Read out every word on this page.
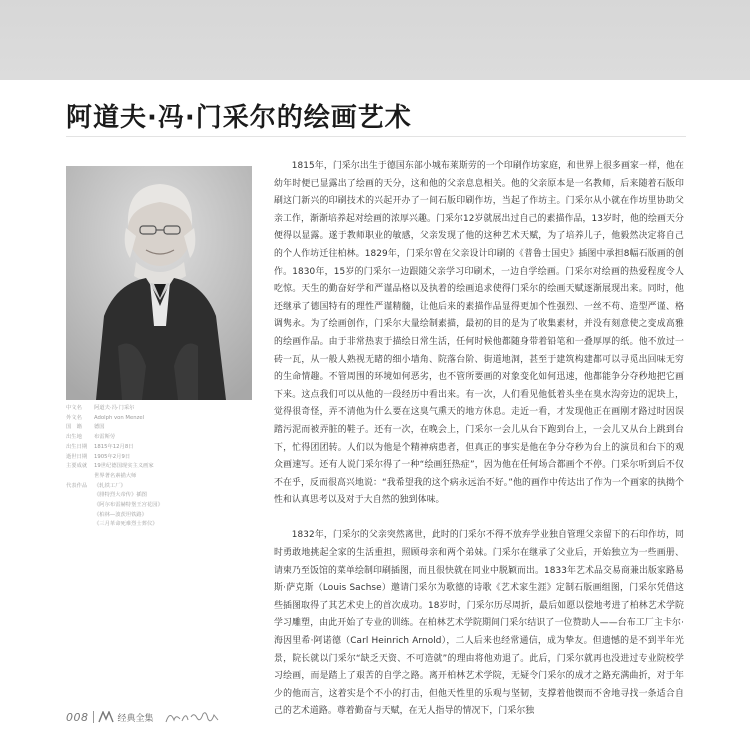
阿道夫·冯·门采尔的绘画艺术
中文名	阿道夫·冯·门采尔
外文名	Adolph von Menzel
国　籍	德国
出生地	布雷斯劳
出生日期	1815年12月8日
逝世日期	1905年2月9日
主要成就	19世纪德国现实主义画家
世界著名素描大师
代表作品	《轧铁工厂》
《腓特烈大帝传》插图
《阿尔布雷赫特堡王宫花园》
《柏林—波茨坦铁路》
《三月革命死难烈士葬仪》

1815年，门采尔出生于德国东部小城布莱斯劳的一个印刷作坊家庭，和世界上很多画家一样，他在幼年时便已显露出了绘画的天分，这和他的父亲息息相关。他的父亲原本是一名教师，后来随着石版印刷这门新兴的印刷技术的兴起开办了一间石版印刷作坊，当起了作坊主。门采尔从小就在作坊里协助父亲工作，渐渐培养起对绘画的浓厚兴趣。门采尔12岁就展出过自己的素描作品，13岁时，他的绘画天分便得以显露。遂于教师职业的敏感，父亲发现了他的这种艺术天赋，为了培养儿子，他毅然决定将自己的个人作坊迁往柏林。1829年，门采尔曾在父亲设计印刷的《普鲁士国史》插图中承担8幅石版画的创作。1830年，15岁的门采尔一边跟随父亲学习印刷术，一边自学绘画。门采尔对绘画的热爱程度令人吃惊。天生的勤奋好学和严谨品格以及执着的绘画追求使得门采尔的绘画天赋逐渐展现出来。同时，他还继承了德国特有的理性严谨精髓，让他后来的素描作品显得更加个性强烈、一丝不苟、造型严谨、格调隽永。为了绘画创作，门采尔大量绘制素描，最初的目的是为了收集素材，并没有刻意使之变成高雅的绘画作品。由于非常热衷于描绘日常生活，任何时候他都随身带着铅笔和一叠厚厚的纸。他不放过一砖一瓦，从一般人熟视无睹的细小墙角、院落台阶、街道地洞，甚至于建筑构建都可以寻觅出回味无穷的生命情趣。不管周围的环境如何恶劣，也不管所要画的对象变化如何迅速，他都能争分夺秒地把它画下来。这点我们可以从他的一段经历中看出来。有一次，人们看见他低着头坐在臭水沟旁边的泥块上，觉得很奇怪，弄不清他为什么要在这臭气熏天的地方休息。走近一看，才发现他正在画刚才路过时因误踏污泥而被弄脏的鞋子。还有一次，在晚会上，门采尔一会儿从台下跑到台上，一会儿又从台上跳到台下，忙得团团转。人们以为他是个精神病患者，但真正的事实是他在争分夺秒为台上的演员和台下的观众画速写。还有人说门采尔得了一种“绘画狂热症”，因为他在任何场合都画个不停。门采尔听到后不仅不在乎，反而很高兴地说：“我希望我的这个病永远治不好。”他的画作中传达出了作为一个画家的执拗个性和认真思考以及对于大自然的独到体味。

1832年，门采尔的父亲突然离世，此时的门采尔不得不放弃学业独自管理父亲留下的石印作坊，同时勇敢地挑起全家的生活重担，照顾母亲和两个弟妹。门采尔在继承了父业后，开始独立为一些画册、请柬乃至饭馆的菜单绘制印刷插图，而且很快就在同业中脱颖而出。1833年艺术品交易商兼出版家路易斯·萨克斯（Louis Sachse）邀请门采尔为歌德的诗歌《艺术家生涯》定制石版画组图，门采尔凭借这些插图取得了其艺术史上的首次成功。18岁时，门采尔历尽周折，最后如愿以偿地考进了柏林艺术学院学习雕塑，由此开始了专业的训练。在柏林艺术学院期间门采尔结识了一位赞助人——台布工厂主卡尔·海因里希·阿诺德（Carl Heinrich Arnold），二人后来也经常通信，成为挚友。但遗憾的是不到半年光景，院长就以门采尔“缺乏天资、不可造就”的理由将他劝退了。此后，门采尔就再也没进过专业院校学习绘画，而是踏上了艰苦的自学之路。离开柏林艺术学院，无疑令门采尔的成才之路充满曲折，对于年少的他而言，这着实是个不小的打击，但他天性里的乐观与坚韧，支撑着他锲而不舍地寻找一条适合自己的艺术道路。尊着勤奋与天赋，在无人指导的情况下，门采尔独

008	经典全集
